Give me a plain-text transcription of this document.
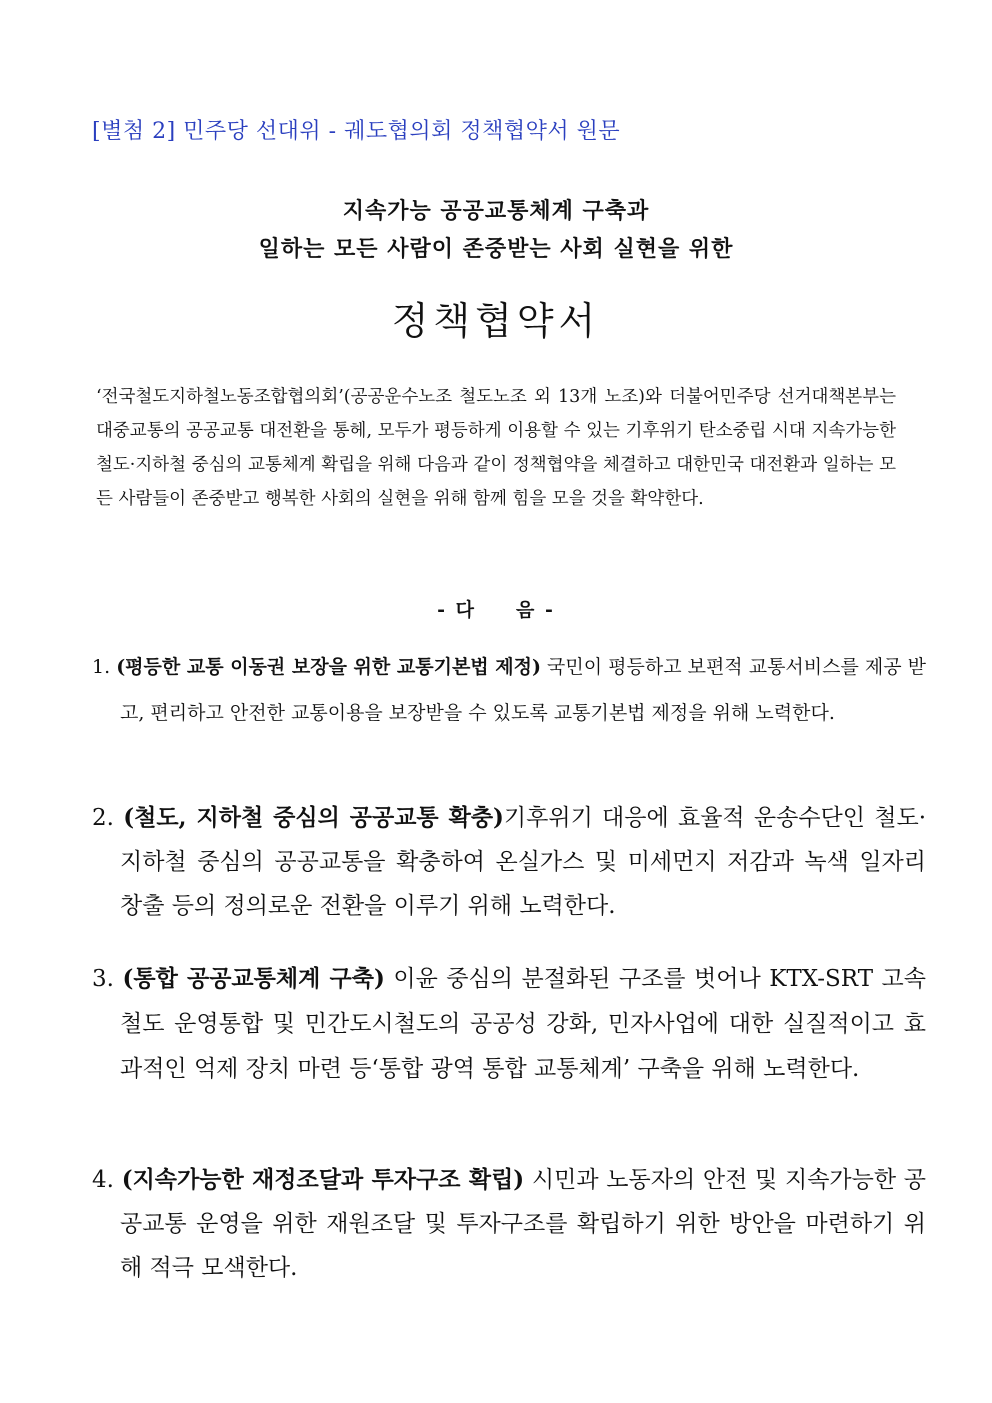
[별첨 2] 민주당 선대위 - 궤도협의회 정책협약서 원문
지속가능 공공교통체계 구축과
일하는 모든 사람이 존중받는 사회 실현을 위한
정책협약서
‘전국철도지하철노동조합협의회’(공공운수노조 철도노조 외 13개 노조)와 더불어민주당 선거대책본부는 대중교통의 공공교통 대전환을 통헤, 모두가 평등하게 이용할 수 있는 기후위기 탄소중립 시대 지속가능한 철도·지하철 중심의 교통체계 확립을 위해 다음과 같이 정책협약을 체결하고 대한민국 대전환과 일하는 모든 사람들이 존중받고 행복한 사회의 실현을 위해 함께 힘을 모을 것을 확약한다.
- 다 음 -
1. (평등한 교통 이동권 보장을 위한 교통기본법 제정) 국민이 평등하고 보편적 교통서비스를 제공 받고, 편리하고 안전한 교통이용을 보장받을 수 있도록 교통기본법 제정을 위해 노력한다.
2. (철도, 지하철 중심의 공공교통 확충)기후위기 대응에 효율적 운송수단인 철도·지하철 중심의 공공교통을 확충하여 온실가스 및 미세먼지 저감과 녹색 일자리 창출 등의 정의로운 전환을 이루기 위해 노력한다.
3. (통합 공공교통체계 구축) 이윤 중심의 분절화된 구조를 벗어나 KTX-SRT 고속철도 운영통합 및 민간도시철도의 공공성 강화, 민자사업에 대한 실질적이고 효과적인 억제 장치 마련 등‘통합 광역 통합 교통체계’ 구축을 위해 노력한다.
4. (지속가능한 재정조달과 투자구조 확립) 시민과 노동자의 안전 및 지속가능한 공공교통 운영을 위한 재원조달 및 투자구조를 확립하기 위한 방안을 마련하기 위해 적극 모색한다.
